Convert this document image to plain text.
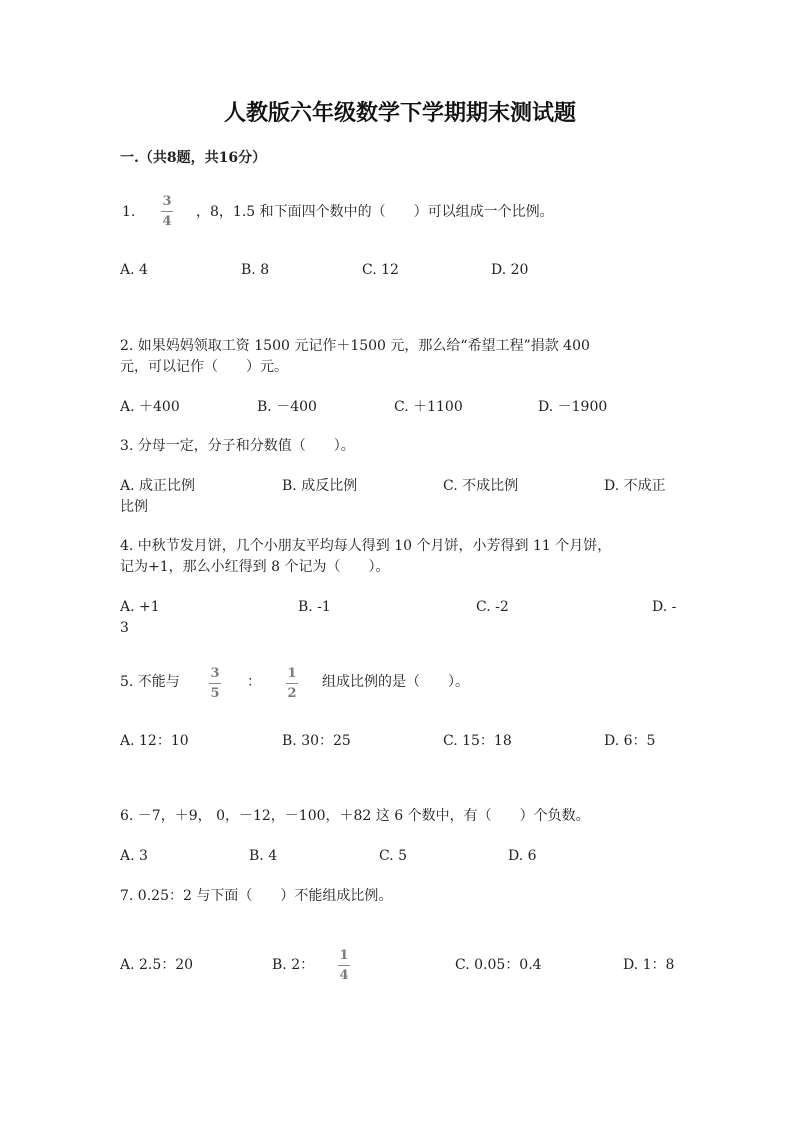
人教版六年级数学下学期期末测试题
一.（共8题，共16分）
1.
3
4
，8，1.5 和下面四个数中的（　　）可以组成一个比例。
A. 4	B. 8	C. 12	D. 20
2. 如果妈妈领取工资 1500 元记作＋1500 元，那么给“希望工程”捐款 400
元，可以记作（　　）元。
A. ＋400	B. －400	C. ＋1100	D. －1900
3. 分母一定，分子和分数值（　　）。
A. 成正比例	B. 成反比例	C. 不成比例	D. 不成正
比例
4. 中秋节发月饼，几个小朋友平均每人得到 10 个月饼，小芳得到 11 个月饼，
记为+1，那么小红得到 8 个记为（　　）。
A. +1	B. -1	C. -2	D. -
3
5. 不能与
3
5
：
1
2
组成比例的是（　　）。
A. 12：10	B. 30：25	C. 15：18	D. 6：5
6. －7，＋9， 0，－12，－100，＋82 这 6 个数中，有（　　）个负数。
A. 3	B. 4	C. 5	D. 6
7. 0.25：2 与下面（　　）不能组成比例。
A. 2.5：20	B. 2：
1
4
C. 0.05：0.4	D. 1：8
